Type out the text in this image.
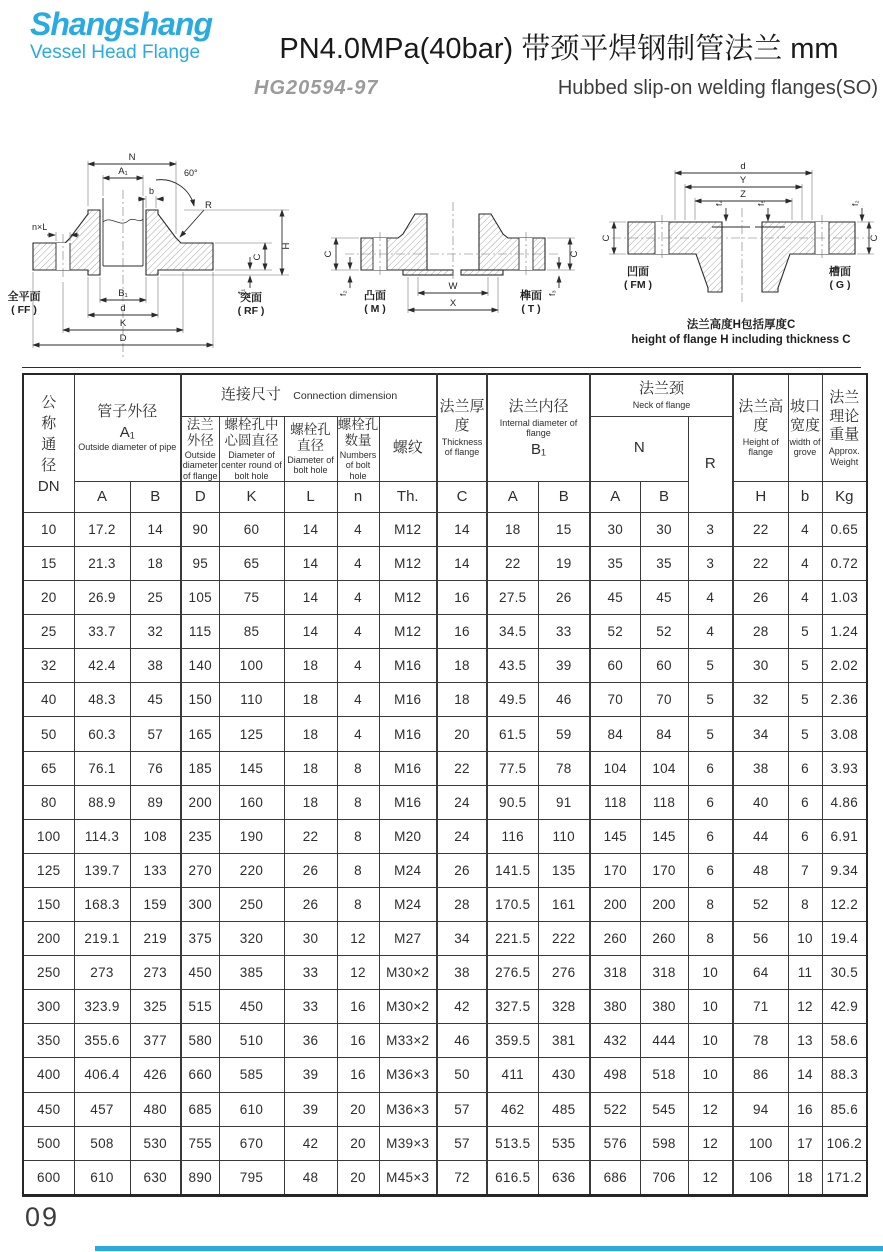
Shangshang
Vessel Head Flange	PN4.0MPa(40bar) 带颈平焊钢制管法兰 mm
HG20594-97	Hubbed slip-on welding flanges(SO)
N
A₁	60°
b
R
n×L
H
C
f₁
B₁
d
K
D
全平面
( FF )
突面
( RF )
C
f₂
C
f₃
W
X
凸面
( M )
榫面
( T )
d
Y
Z
f₄	f₅	f₂
C	C
凹面
( FM )
槽面
( G )
法兰高度H包括厚度C
height of flange H including thickness C
公称通径
DN
	管子外径
A₁
Outside diameter of pipe
	连接尺寸 Connection dimension	法兰厚度
Thickness of flange
	法兰内径
Internal diameter of flange
B₁
	法兰颈
Neck of flange	法兰高度
Height of flange
	坡口宽度
width of grove
	法兰理论重量
Approx. Weight

			法兰外径
Outside diameter of flange	螺栓孔中心圆直径
Diameter of center round of bolt hole	螺栓孔直径
Diameter of bolt hole	螺栓孔数量
Numbers of bolt hole	螺纹				N		R			
	A	B	D	K	L	n	Th.	C	A	B	A	B		H	b	Kg
10	17.2	14	90	60	14	4	M12	14	18	15	30	30	3	22	4	0.65
15	21.3	18	95	65	14	4	M12	14	22	19	35	35	3	22	4	0.72
20	26.9	25	105	75	14	4	M12	16	27.5	26	45	45	4	26	4	1.03
25	33.7	32	115	85	14	4	M12	16	34.5	33	52	52	4	28	5	1.24
32	42.4	38	140	100	18	4	M16	18	43.5	39	60	60	5	30	5	2.02
40	48.3	45	150	110	18	4	M16	18	49.5	46	70	70	5	32	5	2.36
50	60.3	57	165	125	18	4	M16	20	61.5	59	84	84	5	34	5	3.08
65	76.1	76	185	145	18	8	M16	22	77.5	78	104	104	6	38	6	3.93
80	88.9	89	200	160	18	8	M16	24	90.5	91	118	118	6	40	6	4.86
100	114.3	108	235	190	22	8	M20	24	116	110	145	145	6	44	6	6.91
125	139.7	133	270	220	26	8	M24	26	141.5	135	170	170	6	48	7	9.34
150	168.3	159	300	250	26	8	M24	28	170.5	161	200	200	8	52	8	12.2
200	219.1	219	375	320	30	12	M27	34	221.5	222	260	260	8	56	10	19.4
250	273	273	450	385	33	12	M30×2	38	276.5	276	318	318	10	64	11	30.5
300	323.9	325	515	450	33	16	M30×2	42	327.5	328	380	380	10	71	12	42.9
350	355.6	377	580	510	36	16	M33×2	46	359.5	381	432	444	10	78	13	58.6
400	406.4	426	660	585	39	16	M36×3	50	411	430	498	518	10	86	14	88.3
450	457	480	685	610	39	20	M36×3	57	462	485	522	545	12	94	16	85.6
500	508	530	755	670	42	20	M39×3	57	513.5	535	576	598	12	100	17	106.2
600	610	630	890	795	48	20	M45×3	72	616.5	636	686	706	12	106	18	171.2
09
